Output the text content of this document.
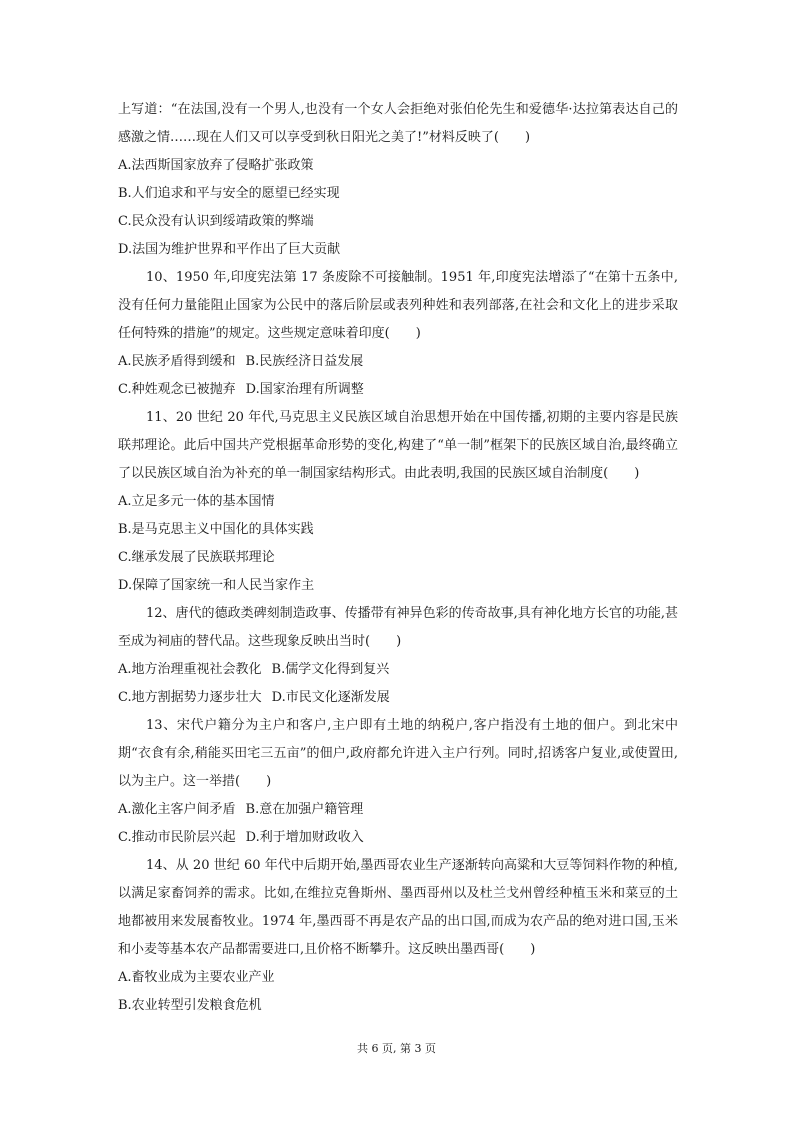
上写道：“在法国,没有一个男人,也没有一个女人会拒绝对张伯伦先生和爱德华·达拉第表达自己的感激之情……现在人们又可以享受到秋日阳光之美了!”材料反映了(　　)

A.法西斯国家放弃了侵略扩张政策

B.人们追求和平与安全的愿望已经实现

C.民众没有认识到绥靖政策的弊端

D.法国为维护世界和平作出了巨大贡献

10、1950 年,印度宪法第 17 条废除不可接触制。1951 年,印度宪法增添了“在第十五条中,没有任何力量能阻止国家为公民中的落后阶层或表列种姓和表列部落,在社会和文化上的进步采取任何特殊的措施”的规定。这些规定意味着印度(　　)

A.民族矛盾得到缓和 B.民族经济日益发展

C.种姓观念已被抛弃 D.国家治理有所调整

11、20 世纪 20 年代,马克思主义民族区域自治思想开始在中国传播,初期的主要内容是民族联邦理论。此后中国共产党根据革命形势的变化,构建了“单一制”框架下的民族区域自治,最终确立了以民族区域自治为补充的单一制国家结构形式。由此表明,我国的民族区域自治制度(　　)

A.立足多元一体的基本国情

B.是马克思主义中国化的具体实践

C.继承发展了民族联邦理论

D.保障了国家统一和人民当家作主

12、唐代的德政类碑刻制造政事、传播带有神异色彩的传奇故事,具有神化地方长官的功能,甚至成为祠庙的替代品。这些现象反映出当时(　　)

A.地方治理重视社会教化 B.儒学文化得到复兴

C.地方割据势力逐步壮大 D.市民文化逐渐发展

13、宋代户籍分为主户和客户,主户即有土地的纳税户,客户指没有土地的佃户。到北宋中期“衣食有余,稍能买田宅三五亩”的佃户,政府都允许进入主户行列。同时,招诱客户复业,或使置田,以为主户。这一举措(　　)

A.激化主客户间矛盾 B.意在加强户籍管理

C.推动市民阶层兴起 D.利于增加财政收入

14、从 20 世纪 60 年代中后期开始,墨西哥农业生产逐渐转向高粱和大豆等饲料作物的种植,以满足家畜饲养的需求。比如,在维拉克鲁斯州、墨西哥州以及杜兰戈州曾经种植玉米和菜豆的土地都被用来发展畜牧业。1974 年,墨西哥不再是农产品的出口国,而成为农产品的绝对进口国,玉米和小麦等基本农产品都需要进口,且价格不断攀升。这反映出墨西哥(　　)

A.畜牧业成为主要农业产业

B.农业转型引发粮食危机

共 6 页, 第 3 页
